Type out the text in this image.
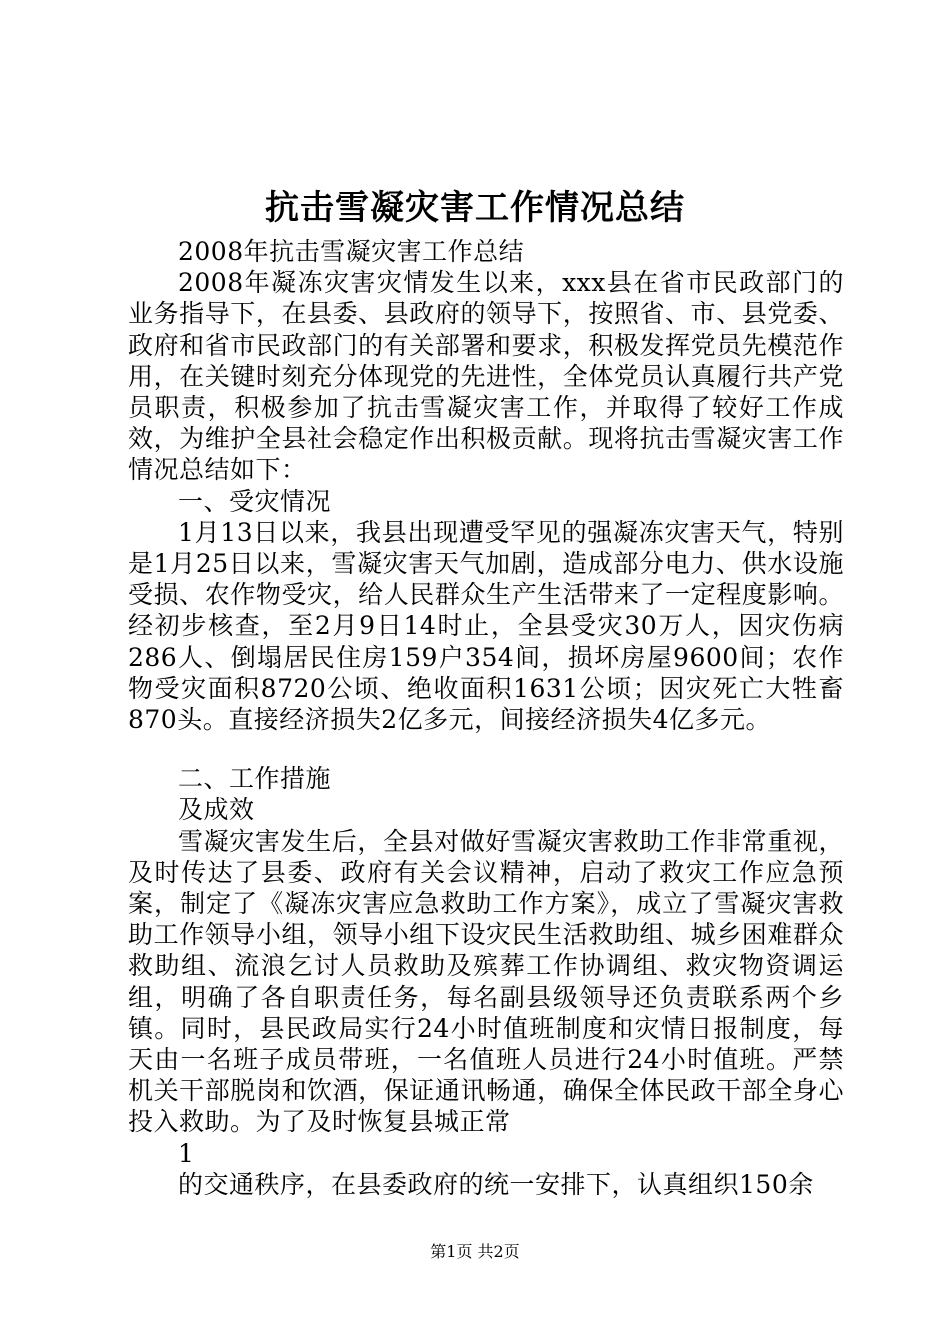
抗击雪凝灾害工作情况总结

2008年抗击雪凝灾害工作总结

2008年凝冻灾害灾情发生以来，xxx县在省市民政部门的业务指导下，在县委、县政府的领导下，按照省、市、县党委、政府和省市民政部门的有关部署和要求，积极发挥党员先模范作用，在关键时刻充分体现党的先进性，全体党员认真履行共产党员职责，积极参加了抗击雪凝灾害工作，并取得了较好工作成效，为维护全县社会稳定作出积极贡献。现将抗击雪凝灾害工作情况总结如下：

一、受灾情况

1月13日以来，我县出现遭受罕见的强凝冻灾害天气，特别是1月25日以来，雪凝灾害天气加剧，造成部分电力、供水设施受损、农作物受灾，给人民群众生产生活带来了一定程度影响。经初步核查，至2月9日14时止，全县受灾30万人，因灾伤病286人、倒塌居民住房159户354间，损坏房屋9600间；农作物受灾面积8720公顷、绝收面积1631公顷；因灾死亡大牲畜870头。直接经济损失2亿多元，间接经济损失4亿多元。

二、工作措施

及成效

雪凝灾害发生后，全县对做好雪凝灾害救助工作非常重视，及时传达了县委、政府有关会议精神，启动了救灾工作应急预案，制定了《凝冻灾害应急救助工作方案》，成立了雪凝灾害救助工作领导小组，领导小组下设灾民生活救助组、城乡困难群众救助组、流浪乞讨人员救助及殡葬工作协调组、救灾物资调运组，明确了各自职责任务，每名副县级领导还负责联系两个乡镇。同时，县民政局实行24小时值班制度和灾情日报制度，每天由一名班子成员带班，一名值班人员进行24小时值班。严禁机关干部脱岗和饮酒，保证通讯畅通，确保全体民政干部全身心投入救助。为了及时恢复县城正常

1

的交通秩序，在县委政府的统一安排下，认真组织150余

第1页 共2页
